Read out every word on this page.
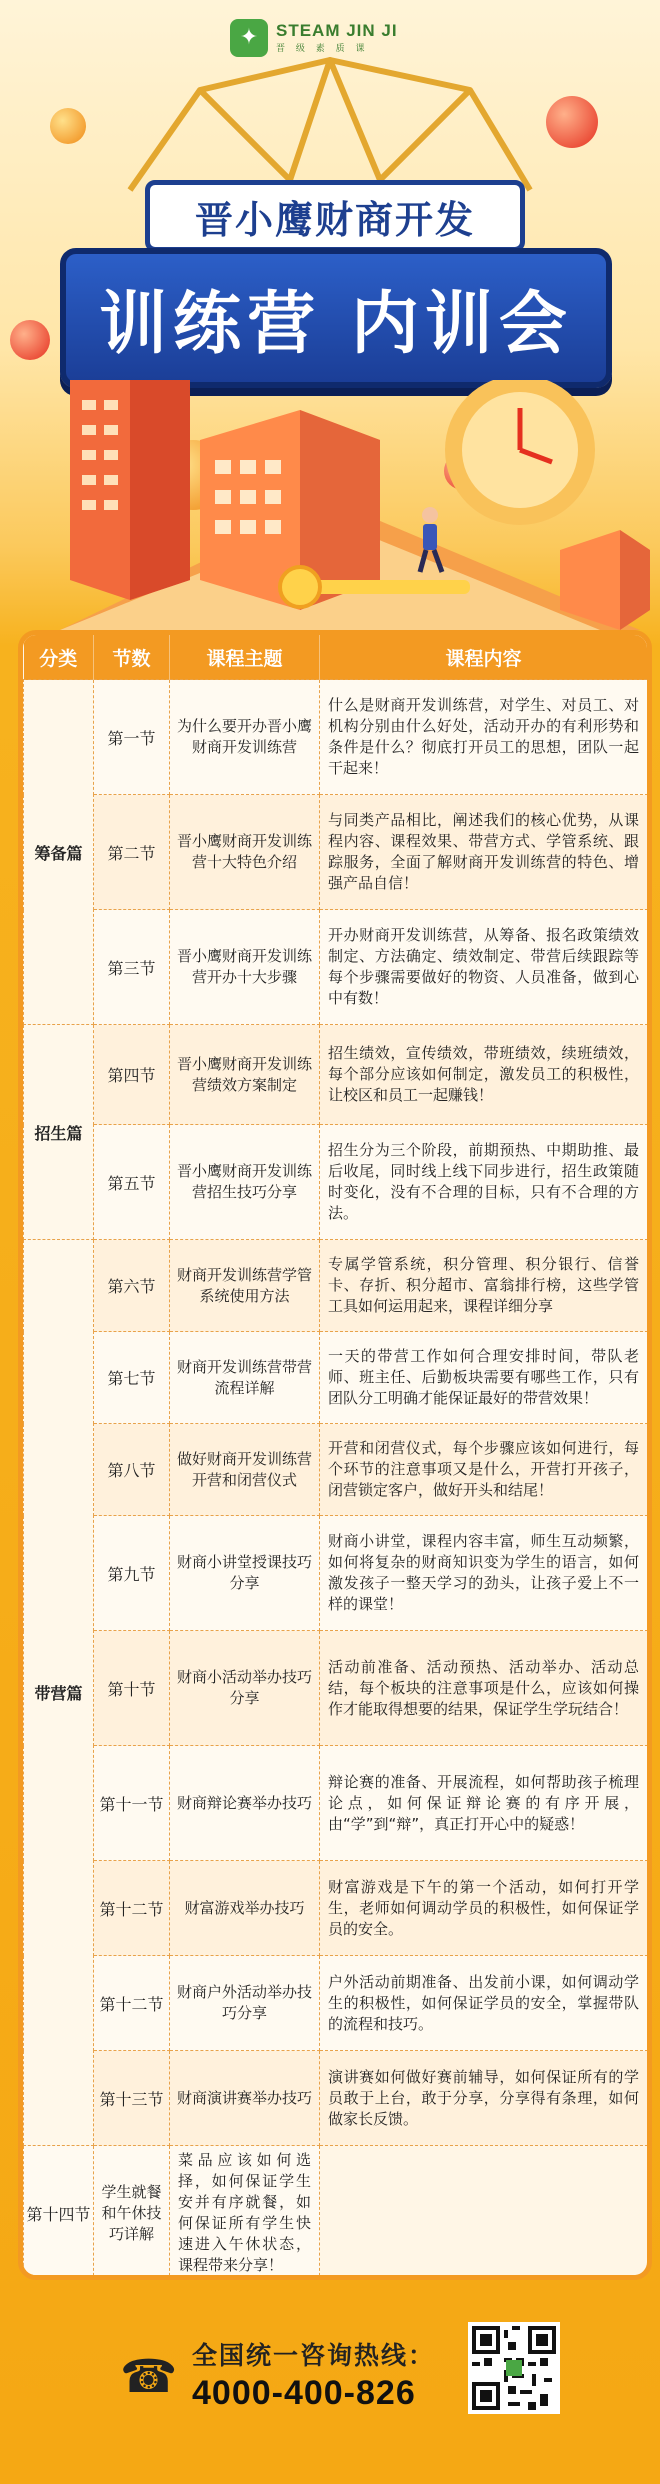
✦	STEAM JIN JI
晋 级 素 质 课
晋小鹰财商开发
训练营 内训会
分类	节数	课程主题	课程内容
筹备篇	第一节	为什么要开办晋小鹰财商开发训练营	什么是财商开发训练营，对学生、对员工、对机构分别由什么好处，活动开办的有利形势和条件是什么？彻底打开员工的思想，团队一起干起来！
	第二节	晋小鹰财商开发训练营十大特色介绍	与同类产品相比，阐述我们的核心优势，从课程内容、课程效果、带营方式、学管系统、跟踪服务，全面了解财商开发训练营的特色、增强产品自信！
	第三节	晋小鹰财商开发训练营开办十大步骤	开办财商开发训练营，从筹备、报名政策绩效制定、方法确定、绩效制定、带营后续跟踪等每个步骤需要做好的物资、人员准备，做到心中有数！
招生篇	第四节	晋小鹰财商开发训练营绩效方案制定	招生绩效，宣传绩效，带班绩效，续班绩效，每个部分应该如何制定，激发员工的积极性，让校区和员工一起赚钱！
	第五节	晋小鹰财商开发训练营招生技巧分享	招生分为三个阶段，前期预热、中期助推、最后收尾，同时线上线下同步进行，招生政策随时变化，没有不合理的目标，只有不合理的方法。
带营篇	第六节	财商开发训练营学管系统使用方法	专属学管系统，积分管理、积分银行、信誉卡、存折、积分超市、富翁排行榜，这些学管工具如何运用起来，课程详细分享
	第七节	财商开发训练营带营流程详解	一天的带营工作如何合理安排时间，带队老师、班主任、后勤板块需要有哪些工作，只有团队分工明确才能保证最好的带营效果！
	第八节	做好财商开发训练营开营和闭营仪式	开营和闭营仪式，每个步骤应该如何进行，每个环节的注意事项又是什么，开营打开孩子，闭营锁定客户，做好开头和结尾！
	第九节	财商小讲堂授课技巧分享	财商小讲堂，课程内容丰富，师生互动频繁，如何将复杂的财商知识变为学生的语言，如何激发孩子一整天学习的劲头，让孩子爱上不一样的课堂！
	第十节	财商小活动举办技巧分享	活动前准备、活动预热、活动举办、活动总结，每个板块的注意事项是什么，应该如何操作才能取得想要的结果，保证学生学玩结合！
	第十一节	财商辩论赛举办技巧	辩论赛的准备、开展流程，如何帮助孩子梳理论点，如何保证辩论赛的有序开展，由“学”到“辩”，真正打开心中的疑惑！
	第十二节	财富游戏举办技巧	财富游戏是下午的第一个活动，如何打开学生，老师如何调动学员的积极性，如何保证学员的安全。
	第十二节	财商户外活动举办技巧分享	户外活动前期准备、出发前小课，如何调动学生的积极性，如何保证学员的安全，掌握带队的流程和技巧。
	第十三节	财商演讲赛举办技巧	演讲赛如何做好赛前辅导，如何保证所有的学员敢于上台，敢于分享，分享得有条理，如何做家长反馈。
第十四节	学生就餐和午休技巧详解	菜品应该如何选择，如何保证学生安并有序就餐，如何保证所有学生快速进入午休状态，课程带来分享！	

☎ 全国统一咨询热线：
4000-400-826
